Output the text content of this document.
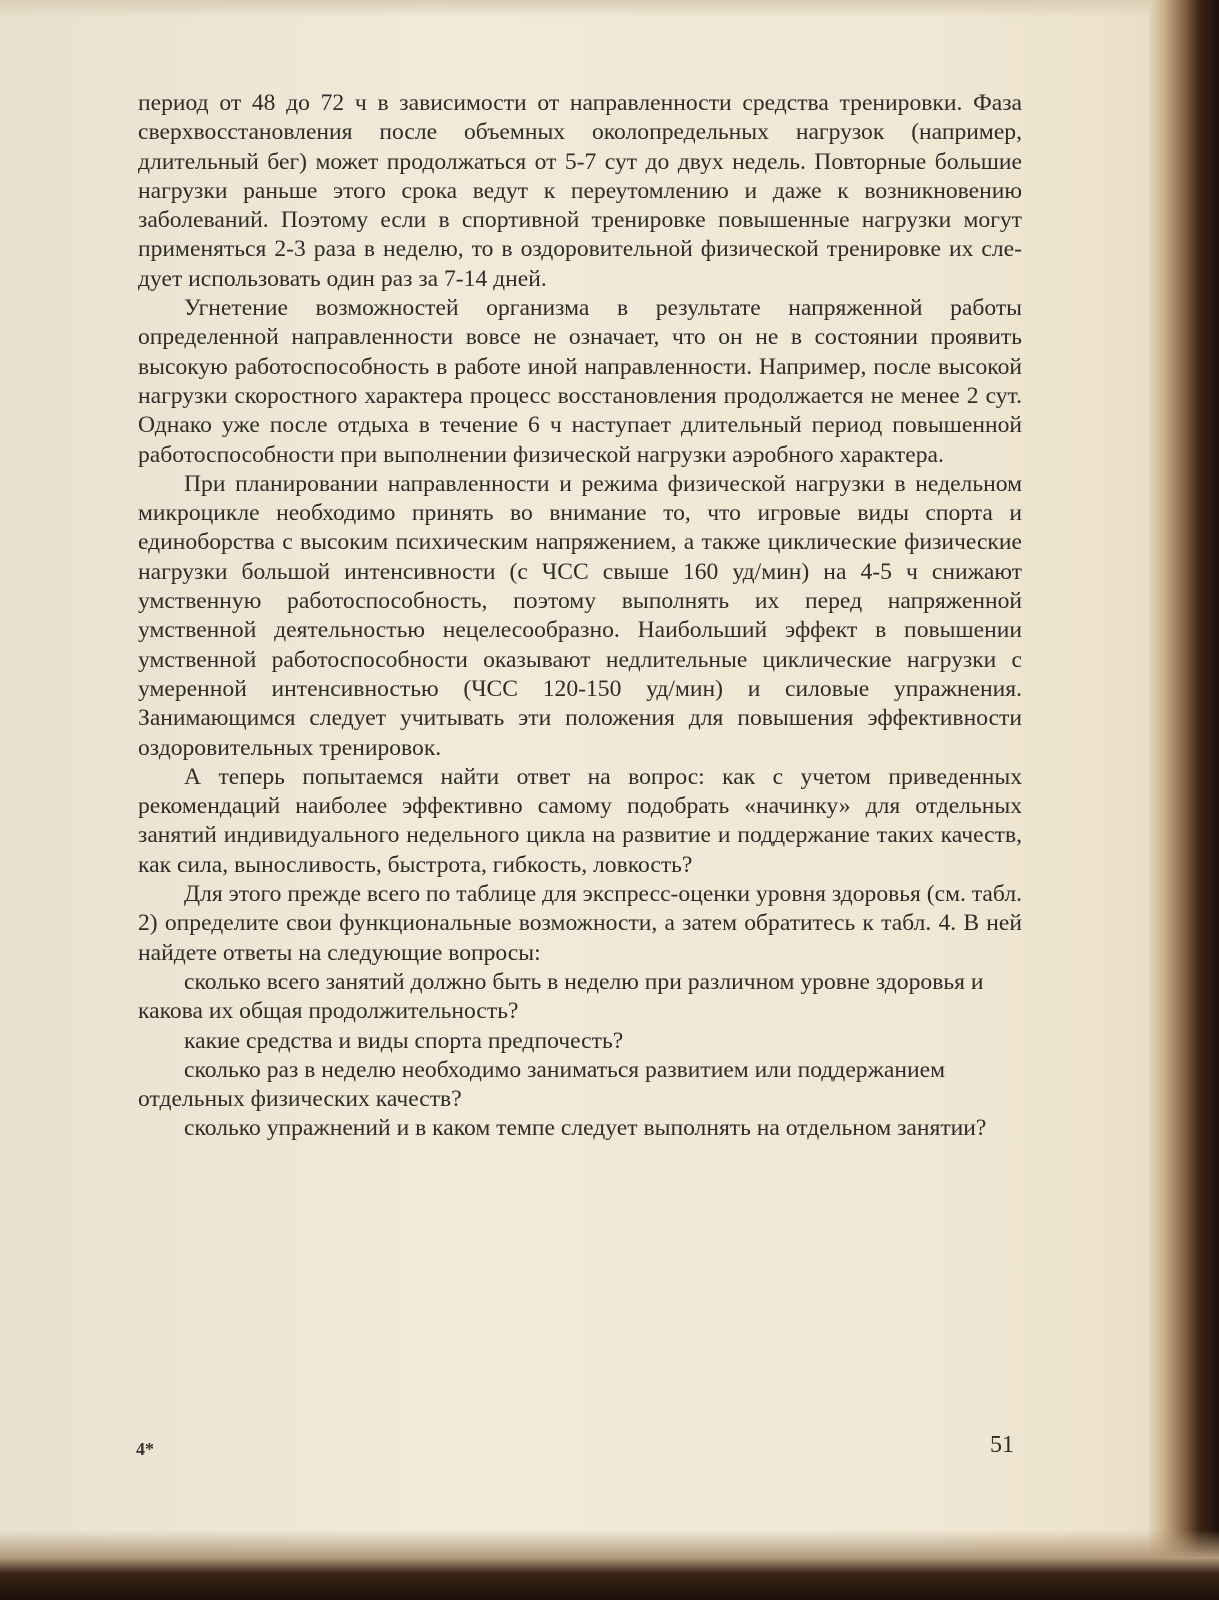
период от 48 до 72 ч в зависимости от направленности средства тренировки. Фаза сверхвосстановления после объемных околопредельных нагрузок (например, длительный бег) может продолжаться от 5-7 сут до двух недель. Повторные большие нагрузки раньше этого срока ведут к переутомлению и даже к возникновению заболеваний. Поэтому если в спортивной тренировке повышенные нагрузки могут применяться 2-3 раза в неделю, то в оздоровительной физической тренировке их следует использовать один раз за 7-14 дней.

Угнетение возможностей организма в результате напряженной работы определенной направленности вовсе не означает, что он не в состоянии проявить высокую работоспособность в работе иной направленности. Например, после высокой нагрузки скоростного характера процесс восстановления продолжается не менее 2 сут. Однако уже после отдыха в течение 6 ч наступает длительный период повышенной работоспособности при выполнении физической нагрузки аэробного характера.

При планировании направленности и режима физической нагрузки в недельном микроцикле необходимо принять во внимание то, что игровые виды спорта и единоборства с высоким психическим напряжением, а также циклические физические нагрузки большой интенсивности (с ЧСС свыше 160 уд/мин) на 4-5 ч снижают умственную работоспособность, поэтому выполнять их перед напряженной умственной деятельностью нецелесообразно. Наибольший эффект в повышении умственной работоспособности оказывают недлительные циклические нагрузки с умеренной интенсивностью (ЧСС 120-150 уд/мин) и силовые упражнения. Занимающимся следует учитывать эти положения для повышения эффективности оздоровительных тренировок.

А теперь попытаемся найти ответ на вопрос: как с учетом приведенных рекомендаций наиболее эффективно самому подобрать «начинку» для отдельных занятий индивидуального недельного цикла на развитие и поддержание таких качеств, как сила, выносливость, быстрота, гибкость, ловкость?

Для этого прежде всего по таблице для экспресс-оценки уровня здоровья (см. табл. 2) определите свои функциональные возможности, а затем обратитесь к табл. 4. В ней найдете ответы на следующие вопросы:

сколько всего занятий должно быть в неделю при различном уровне здоровья и какова их общая продолжительность?

какие средства и виды спорта предпочесть?

сколько раз в неделю необходимо заниматься развитием или поддержанием отдельных физических качеств?

сколько упражнений и в каком темпе следует выполнять на отдельном занятии?

4*	51
